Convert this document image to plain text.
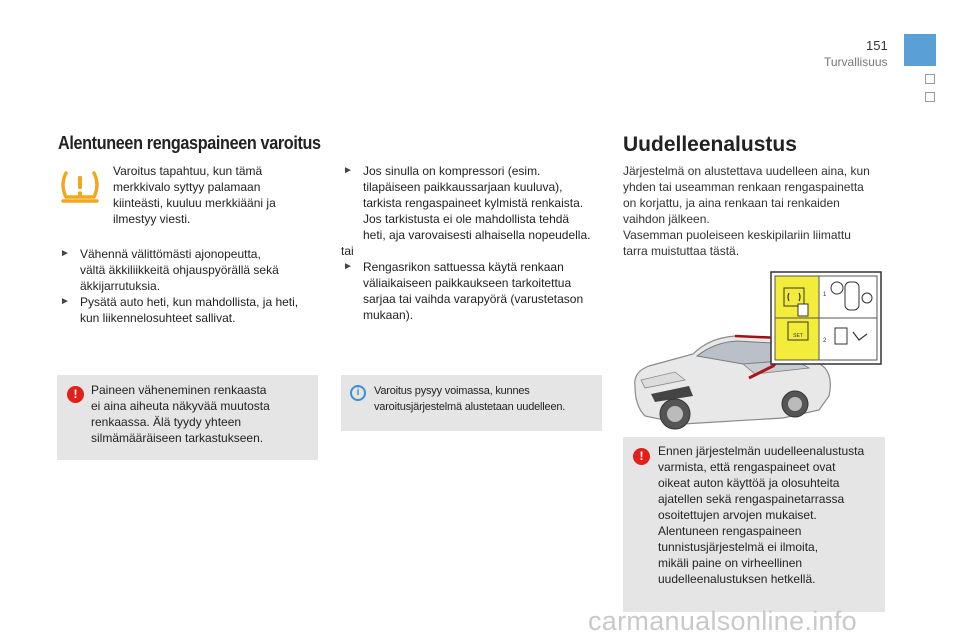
151
Turvallisuus
Alentuneen rengaspaineen varoitus
Varoitus tapahtuu, kun tämä
merkkivalo syttyy palamaan
kiinteästi, kuuluu merkkiääni ja
ilmestyy viesti.
► Vähennä välittömästi ajonopeutta,
vältä äkkiliikkeitä ohjauspyörällä sekä
äkkijarrutuksia.
► Pysätä auto heti, kun mahdollista, ja heti,
kun liikennelosuhteet sallivat.
!	Paineen väheneminen renkaasta
ei aina aiheuta näkyvää muutosta
renkaassa. Älä tyydy yhteen
silmämääräiseen tarkastukseen.
► Jos sinulla on kompressori (esim.
tilapäiseen paikkaussarjaan kuuluva),
tarkista rengaspaineet kylmistä renkaista.
Jos tarkistusta ei ole mahdollista tehdä
heti, aja varovaisesti alhaisella nopeudella.
tai
► Rengasrikon sattuessa käytä renkaan
väliaikaiseen paikkaukseen tarkoitettua
sarjaa tai vaihda varapyörä (varustetason
mukaan).
i	Varoitus pysyy voimassa, kunnes
varoitusjärjestelmä alustetaan uudelleen.
Uudelleenalustus
Järjestelmä on alustettava uudelleen aina, kun
yhden tai useamman renkaan rengaspainetta
on korjattu, ja aina renkaan tai renkaiden
vaihdon jälkeen.
Vasemman puoleiseen keskipilariin liimattu
tarra muistuttaa tästä.
SET
1
2
!	Ennen järjestelmän uudelleenalustusta
varmista, että rengaspaineet ovat
oikeat auton käyttöä ja olosuhteita
ajatellen sekä rengaspainetarrassa
osoitettujen arvojen mukaiset.
Alentuneen rengaspaineen
tunnistusjärjestelmä ei ilmoita,
mikäli paine on virheellinen
uudelleenalustuksen hetkellä.
carmanualsonline.info
